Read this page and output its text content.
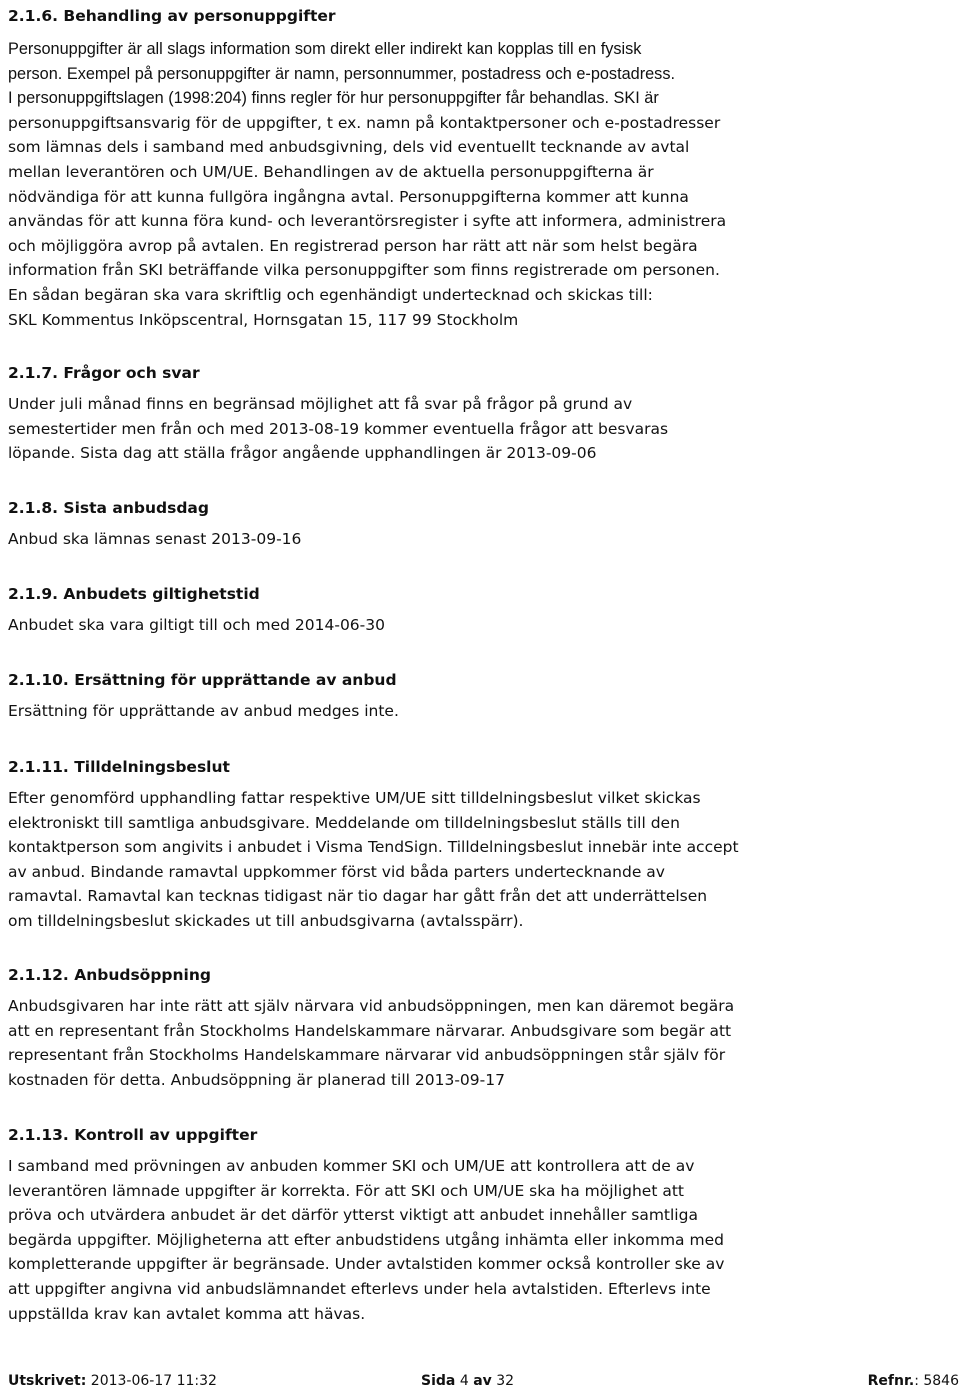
2.1.6. Behandling av personuppgifter
Personuppgifter är all slags information som direkt eller indirekt kan kopplas till en fysisk
person. Exempel på personuppgifter är namn, personnummer, postadress och e-postadress.
I personuppgiftslagen (1998:204) finns regler för hur personuppgifter får behandlas. SKI är
personuppgiftsansvarig för de uppgifter, t ex. namn på kontaktpersoner och e-postadresser
som lämnas dels i samband med anbudsgivning, dels vid eventuellt tecknande av avtal
mellan leverantören och UM/UE. Behandlingen av de aktuella personuppgifterna är
nödvändiga för att kunna fullgöra ingångna avtal. Personuppgifterna kommer att kunna
användas för att kunna föra kund- och leverantörsregister i syfte att informera, administrera
och möjliggöra avrop på avtalen. En registrerad person har rätt att när som helst begära
information från SKI beträffande vilka personuppgifter som finns registrerade om personen.
En sådan begäran ska vara skriftlig och egenhändigt undertecknad och skickas till:
SKL Kommentus Inköpscentral, Hornsgatan 15, 117 99 Stockholm
2.1.7. Frågor och svar
Under juli månad finns en begränsad möjlighet att få svar på frågor på grund av
semestertider men från och med 2013-08-19 kommer eventuella frågor att besvaras
löpande. Sista dag att ställa frågor angående upphandlingen är 2013-09-06
2.1.8. Sista anbudsdag
Anbud ska lämnas senast 2013-09-16
2.1.9. Anbudets giltighetstid
Anbudet ska vara giltigt till och med 2014-06-30
2.1.10. Ersättning för upprättande av anbud
Ersättning för upprättande av anbud medges inte.
2.1.11. Tilldelningsbeslut
Efter genomförd upphandling fattar respektive UM/UE sitt tilldelningsbeslut vilket skickas
elektroniskt till samtliga anbudsgivare. Meddelande om tilldelningsbeslut ställs till den
kontaktperson som angivits i anbudet i Visma TendSign. Tilldelningsbeslut innebär inte accept
av anbud. Bindande ramavtal uppkommer först vid båda parters undertecknande av
ramavtal. Ramavtal kan tecknas tidigast när tio dagar har gått från det att underrättelsen
om tilldelningsbeslut skickades ut till anbudsgivarna (avtalsspärr).
2.1.12. Anbudsöppning
Anbudsgivaren har inte rätt att själv närvara vid anbudsöppningen, men kan däremot begära
att en representant från Stockholms Handelskammare närvarar. Anbudsgivare som begär att
representant från Stockholms Handelskammare närvarar vid anbudsöppningen står själv för
kostnaden för detta. Anbudsöppning är planerad till 2013-09-17
2.1.13. Kontroll av uppgifter
I samband med prövningen av anbuden kommer SKI och UM/UE att kontrollera att de av
leverantören lämnade uppgifter är korrekta. För att SKI och UM/UE ska ha möjlighet att
pröva och utvärdera anbudet är det därför ytterst viktigt att anbudet innehåller samtliga
begärda uppgifter. Möjligheterna att efter anbudstidens utgång inhämta eller inkomma med
kompletterande uppgifter är begränsade. Under avtalstiden kommer också kontroller ske av
att uppgifter angivna vid anbudslämnandet efterlevs under hela avtalstiden. Efterlevs inte
uppställda krav kan avtalet komma att hävas.
Utskrivet: 2013-06-17 11:32	Sida 4 av 32	Refnr.: 5846
